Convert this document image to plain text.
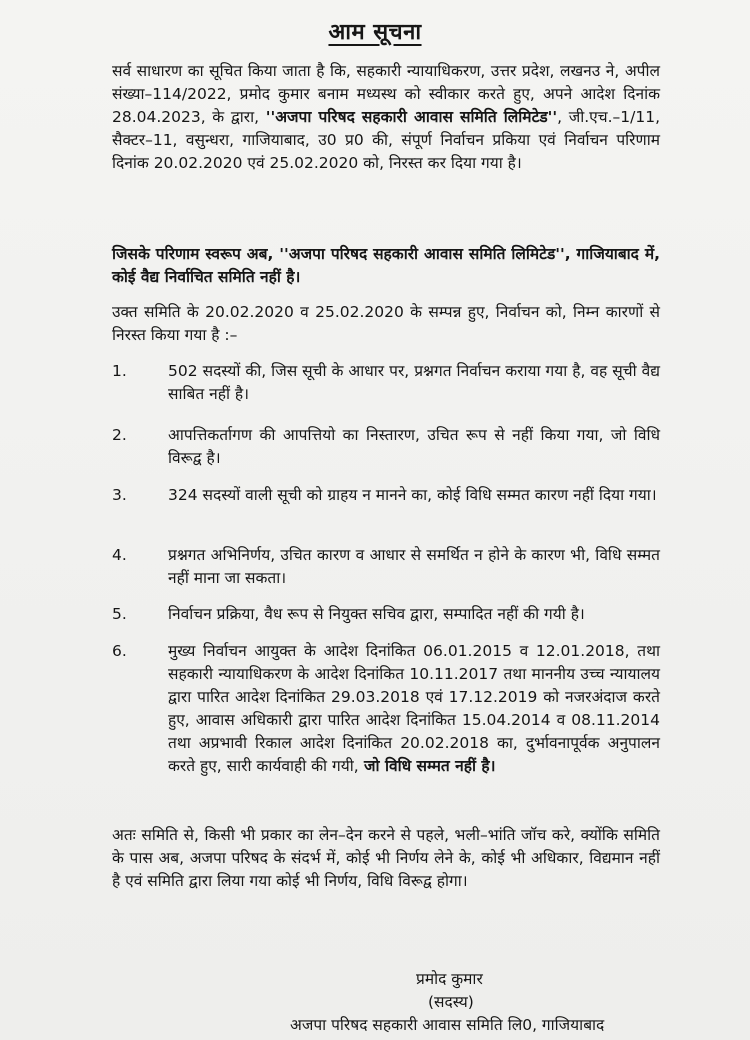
आम सूचना
सर्व साधारण का सूचित किया जाता है कि, सहकारी न्यायाधिकरण, उत्तर प्रदेश, लखनउ ने, अपील संख्या–114/2022, प्रमोद कुमार बनाम मध्यस्थ को स्वीकार करते हुए, अपने आदेश दिनांक 28.04.2023, के द्वारा, ''अजपा परिषद सहकारी आवास समिति लिमिटेड'', जी.एच.–1/11, सैक्टर–11, वसुन्धरा, गाजियाबाद, उ0 प्र0 की, संपूर्ण निर्वाचन प्रकिया एवं निर्वाचन परिणाम दिनांक 20.02.2020 एवं 25.02.2020 को, निरस्त कर दिया गया है।
जिसके परिणाम स्वरूप अब, ''अजपा परिषद सहकारी आवास समिति लिमिटेड'', गाजियाबाद में, कोई वैद्य निर्वाचित समिति नहीं है।
उक्त समिति के 20.02.2020 व 25.02.2020 के सम्पन्न हुए, निर्वाचन को, निम्न कारणों से निरस्त किया गया है :–
1.	502 सदस्यों की, जिस सूची के आधार पर, प्रश्नगत निर्वाचन कराया गया है, वह सूची वैद्य साबित नहीं है।
2.	आपत्तिकर्तागण की आपत्तियो का निस्तारण, उचित रूप से नहीं किया गया, जो विधि विरूद्व है।
3.	324 सदस्यों वाली सूची को ग्राहय न मानने का, कोई विधि सम्मत कारण नहीं दिया गया।
4.	प्रश्नगत अभिनिर्णय, उचित कारण व आधार से समर्थित न होने के कारण भी, विधि सम्मत नहीं माना जा सकता।
5.	निर्वाचन प्रक्रिया, वैध रूप से नियुक्त सचिव द्वारा, सम्पादित नहीं की गयी है।
6.	मुख्य निर्वाचन आयुक्त के आदेश दिनांकित 06.01.2015 व 12.01.2018, तथा सहकारी न्यायाधिकरण के आदेश दिनांकित 10.11.2017 तथा माननीय उच्च न्यायालय द्वारा पारित आदेश दिनांकित 29.03.2018 एवं 17.12.2019 को नजरअंदाज करते हुए, आवास अधिकारी द्वारा पारित आदेश दिनांकित 15.04.2014 व 08.11.2014 तथा अप्रभावी रिकाल आदेश दिनांकित 20.02.2018 का, दुर्भावनापूर्वक अनुपालन करते हुए, सारी कार्यवाही की गयी, जो विधि सम्मत नहीं है।
अतः समिति से, किसी भी प्रकार का लेन–देन करने से पहले, भली–भांति जॉच करे, क्योंकि समिति के पास अब, अजपा परिषद के संदर्भ में, कोई भी निर्णय लेने के, कोई भी अधिकार, विद्यमान नहीं है एवं समिति द्वारा लिया गया कोई भी निर्णय, विधि विरूद्व होगा।
प्रमोद कुमार
(सदस्य)
अजपा परिषद सहकारी आवास समिति लि0, गाजियाबाद
